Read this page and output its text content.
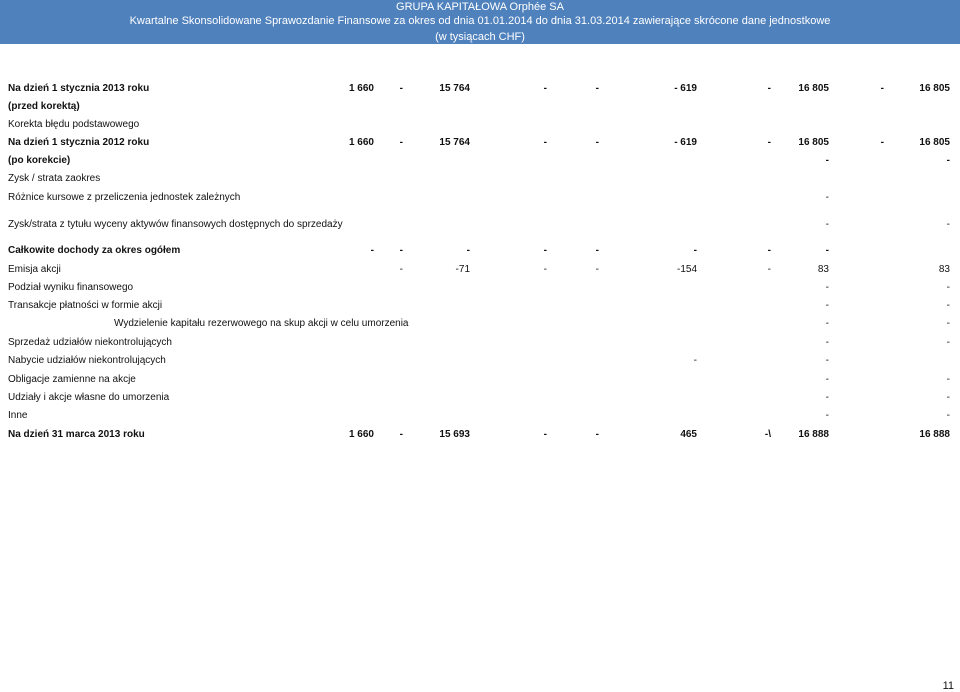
GRUPA KAPITAŁOWA Orphée SA
Kwartalne Skonsolidowane Sprawozdanie Finansowe za okres od dnia 01.01.2014 do dnia 31.03.2014 zawierające skrócone dane jednostkowe
(w tysiącach CHF)
Na dzień 1 stycznia 2013 roku	1 660	-	15 764	-	-	- 619	-	16 805	-	16 805
(przed korektą)
Korekta błędu podstawowego
Na dzień 1 stycznia 2012 roku	1 660	-	15 764	-	-	- 619	-	16 805	-	16 805
(po korekcie)	-	-
Zysk / strata zaokres
Różnice kursowe z przeliczenia jednostek zależnych	-
Zysk/strata z tytułu wyceny aktywów finansowych dostępnych do sprzedaży	-	-
Całkowite dochody za okres ogółem	-	-	-	-	-	-	-	-
Emisja akcji	-	-71	-	-	-154	-	83	83
Podział wyniku finansowego	-	-
Transakcje płatności w formie akcji	-	-
Wydzielenie kapitału rezerwowego na skup akcji w celu umorzenia	-	-
Sprzedaż udziałów niekontrolujących	-	-
Nabycie udziałów niekontrolujących	-	-
Obligacje zamienne na akcje	-	-
Udziały i akcje własne do umorzenia	-	-
Inne	-	-
Na dzień 31 marca 2013 roku	1 660	-	15 693	-	-	465	-\	16 888	16 888
11
